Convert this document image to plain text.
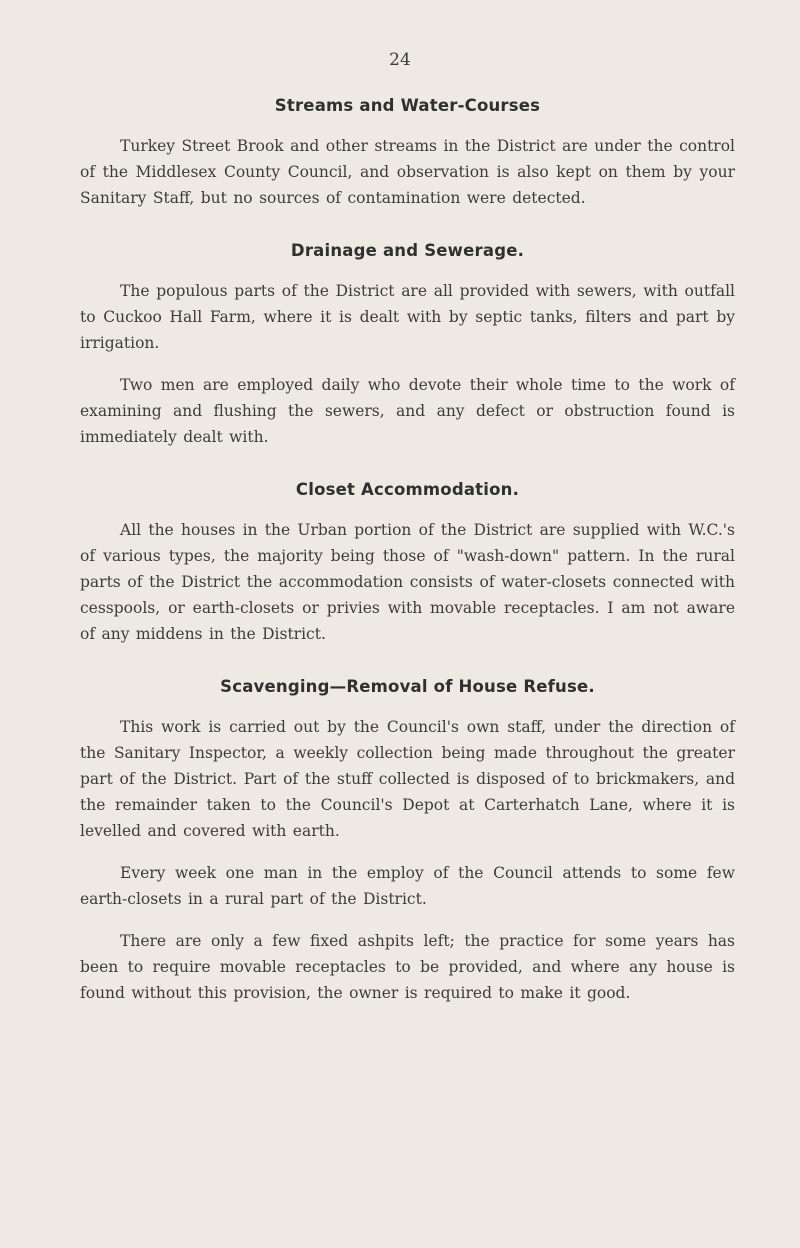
24
Streams and Water-Courses

Turkey Street Brook and other streams in the District are under the control of the Middlesex County Council, and observation is also kept on them by your Sanitary Staff, but no sources of contamination were detected.

Drainage and Sewerage.

The populous parts of the District are all provided with sewers, with outfall to Cuckoo Hall Farm, where it is dealt with by septic tanks, filters and part by irrigation.

Two men are employed daily who devote their whole time to the work of examining and flushing the sewers, and any defect or obstruction found is immediately dealt with.

Closet Accommodation.

All the houses in the Urban portion of the District are supplied with W.C.'s of various types, the majority being those of "wash-down" pattern. In the rural parts of the District the accommodation consists of water-closets connected with cesspools, or earth-closets or privies with movable receptacles. I am not aware of any middens in the District.

Scavenging—Removal of House Refuse.

This work is carried out by the Council's own staff, under the direction of the Sanitary Inspector, a weekly collection being made throughout the greater part of the District. Part of the stuff collected is disposed of to brickmakers, and the remainder taken to the Council's Depot at Carterhatch Lane, where it is levelled and covered with earth.

Every week one man in the employ of the Council attends to some few earth-closets in a rural part of the District.

There are only a few fixed ashpits left; the practice for some years has been to require movable receptacles to be provided, and where any house is found without this provision, the owner is required to make it good.
